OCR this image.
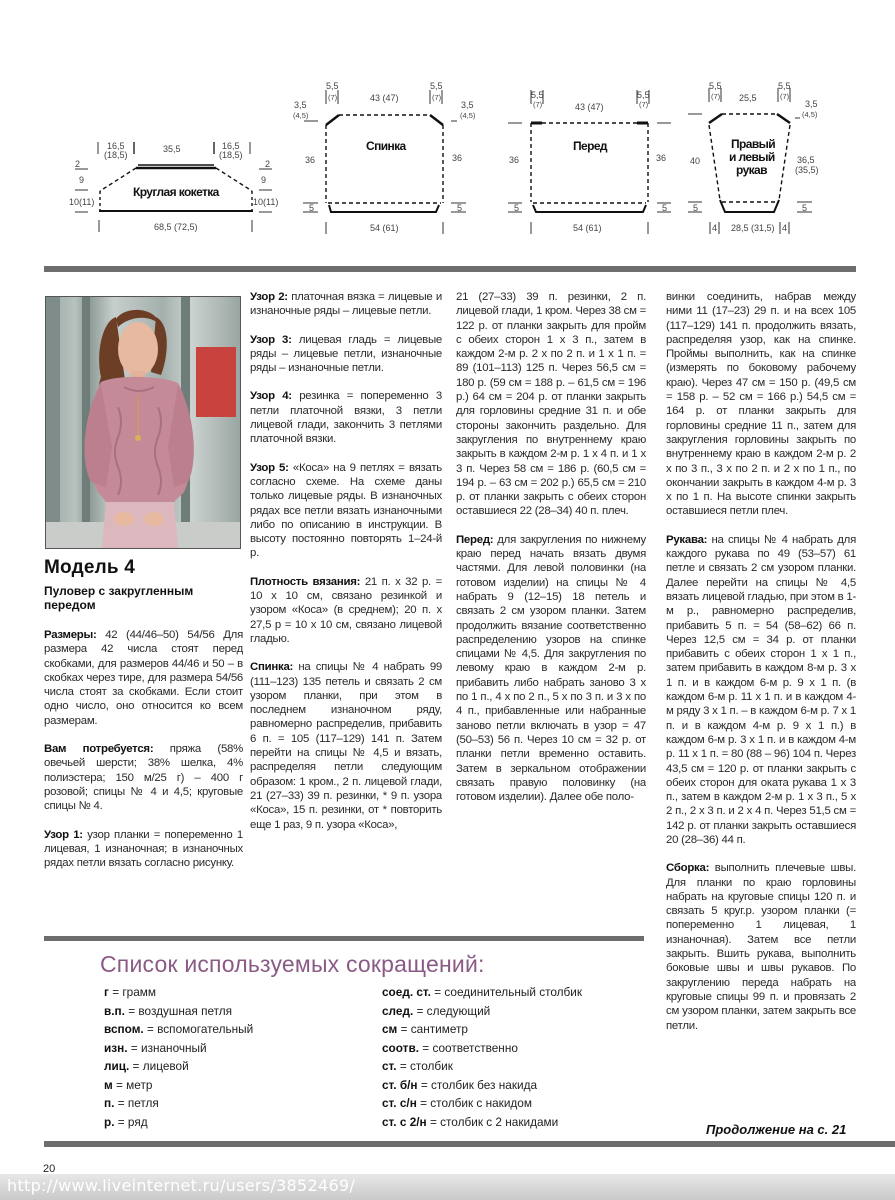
16,5
(18,5)
35,5	16,5
(18,5)
2
9
10(11)
2
9
10(11)
68,5 (72,5)
Круглая кокетка
5,5
(7)	43 (47)
5,5
(7)
3,5
(4,5)
3,5
(4,5)
36	36
5	5
54 (61)
Спинка
5,5
(7)	43 (47)
5,5
(7)
36	36
5	5
54 (61)
Перед
5,5
(7) 25,5
5,5
(7)
3,5
(4,5)
40	36,5
(35,5)
5	5
4 28,5 (31,5) 4
Правый
и левый
рукав
Модель 4
Пуловер с закругленным передом

Размеры: 42 (44/46–50) 54/56 Для размера 42 числа стоят перед скобками, для размеров 44/46 и 50 – в скобках через тире, для размера 54/56 числа стоят за скобками. Если стоит одно число, оно относится ко всем размерам.

Вам потребуется: пряжа (58% овечьей шерсти; 38% шелка, 4% полиэстера; 150 м/25 г) – 400 г розовой; спицы № 4 и 4,5; круговые спицы № 4.

Узор 1: узор планки = попеременно 1 лицевая, 1 изнаночная; в изнаночных рядах петли вязать согласно рисунку.

Узор 2: платочная вязка = лицевые и изнаночные ряды – лицевые петли.

Узор 3: лицевая гладь = лицевые ряды – лицевые петли, изнаночные ряды – изнаночные петли.

Узор 4: резинка = попеременно 3 петли платочной вязки, 3 петли лицевой глади, закончить 3 петлями платочной вязки.

Узор 5: «Коса» на 9 петлях = вязать согласно схеме. На схеме даны только лицевые ряды. В изнаночных рядах все петли вязать изнаночными либо по описанию в инструкции. В высоту постоянно повторять 1–24-й р.

Плотность вязания: 21 п. х 32 р. = 10 х 10 см, связано резинкой и узором «Коса» (в среднем); 20 п. х 27,5 р = 10 х 10 см, связано лицевой гладью.

Спинка: на спицы № 4 набрать 99 (111–123) 135 петель и связать 2 см узором планки, при этом в последнем изнаночном ряду, равномерно распределив, прибавить 6 п. = 105 (117–129) 141 п. Затем перейти на спицы № 4,5 и вязать, распределяя петли следующим образом: 1 кром., 2 п. лицевой глади, 21 (27–33) 39 п. резинки, * 9 п. узора «Коса», 15 п. резинки, от * повторить еще 1 раз, 9 п. узора «Коса»,

21 (27–33) 39 п. резинки, 2 п. лицевой глади, 1 кром. Через 38 см = 122 р. от планки закрыть для пройм с обеих сторон 1 х 3 п., затем в каждом 2-м р. 2 х по 2 п. и 1 х 1 п. = 89 (101–113) 125 п. Через 56,5 см = 180 р. (59 см = 188 р. – 61,5 см = 196 р.) 64 см = 204 р. от планки закрыть для горловины средние 31 п. и обе стороны закончить раздельно. Для закругления по внутреннему краю закрыть в каждом 2-м р. 1 х 4 п. и 1 х 3 п. Через 58 см = 186 р. (60,5 см = 194 р. – 63 см = 202 р.) 65,5 см = 210 р. от планки закрыть с обеих сторон оставшиеся 22 (28–34) 40 п. плеч.

Перед: для закругления по нижнему краю перед начать вязать двумя частями. Для левой половинки (на готовом изделии) на спицы № 4 набрать 9 (12–15) 18 петель и связать 2 см узором планки. Затем продолжить вязание соответственно распределению узоров на спинке спицами № 4,5. Для закругления по левому краю в каждом 2-м р. прибавить либо набрать заново 3 х по 1 п., 4 х по 2 п., 5 х по 3 п. и 3 х по 4 п., прибавленные или набранные заново петли включать в узор = 47 (50–53) 56 п. Через 10 см = 32 р. от планки петли временно оставить. Затем в зеркальном отображении связать правую половинку (на готовом изделии). Далее обе поло-

винки соединить, набрав между ними 11 (17–23) 29 п. и на всех 105 (117–129) 141 п. продолжить вязать, распределяя узор, как на спинке. Проймы выполнить, как на спинке (измерять по боковому рабочему краю). Через 47 см = 150 р. (49,5 см = 158 р. – 52 см = 166 р.) 54,5 см = 164 р. от планки закрыть для горловины средние 11 п., затем для закругления горловины закрыть по внутреннему краю в каждом 2-м р. 2 х по 3 п., 3 х по 2 п. и 2 х по 1 п., по окончании закрыть в каждом 4-м р. 3 х по 1 п. На высоте спинки закрыть оставшиеся петли плеч.

Рукава: на спицы № 4 набрать для каждого рукава по 49 (53–57) 61 петле и связать 2 см узором планки. Далее перейти на спицы № 4,5 вязать лицевой гладью, при этом в 1-м р., равномерно распределив, прибавить 5 п. = 54 (58–62) 66 п. Через 12,5 см = 34 р. от планки прибавить с обеих сторон 1 х 1 п., затем прибавить в каждом 8-м р. 3 х 1 п. и в каждом 6-м р. 9 х 1 п. (в каждом 6-м р. 11 х 1 п. и в каждом 4-м ряду 3 х 1 п. – в каждом 6-м р. 7 х 1 п. и в каждом 4-м р. 9 х 1 п.) в каждом 6-м р. 3 х 1 п. и в каждом 4-м р. 11 х 1 п. = 80 (88 – 96) 104 п. Через 43,5 см = 120 р. от планки закрыть с обеих сторон для оката рукава 1 х 3 п., затем в каждом 2-м р. 1 х 3 п., 5 х 2 п., 2 х 3 п. и 2 х 4 п. Через 51,5 см = 142 р. от планки закрыть оставшиеся 20 (28–36) 44 п.

Сборка: выполнить плечевые швы. Для планки по краю горловины набрать на круговые спицы 120 п. и связать 5 круг.р. узором планки (= попеременно 1 лицевая, 1 изнаночная). Затем все петли закрыть. Вшить рукава, выполнить боковые швы и швы рукавов. По закруглению переда набрать на круговые спицы 99 п. и провязать 2 см узором планки, затем закрыть все петли.

Список используемых сокращений:
г = грамм
в.п. = воздушная петля
вспом. = вспомогательный
изн. = изнаночный
лиц. = лицевой
м = метр
п. = петля
р. = ряд
соед. ст. = соединительный столбик
след. = следующий
см = сантиметр
соотв. = соответственно
ст. = столбик
ст. б/н = столбик без накида
ст. с/н = столбик с накидом
ст. с 2/н = столбик с 2 накидами
Продолжение на с. 21
20
http://www.liveinternet.ru/users/3852469/
